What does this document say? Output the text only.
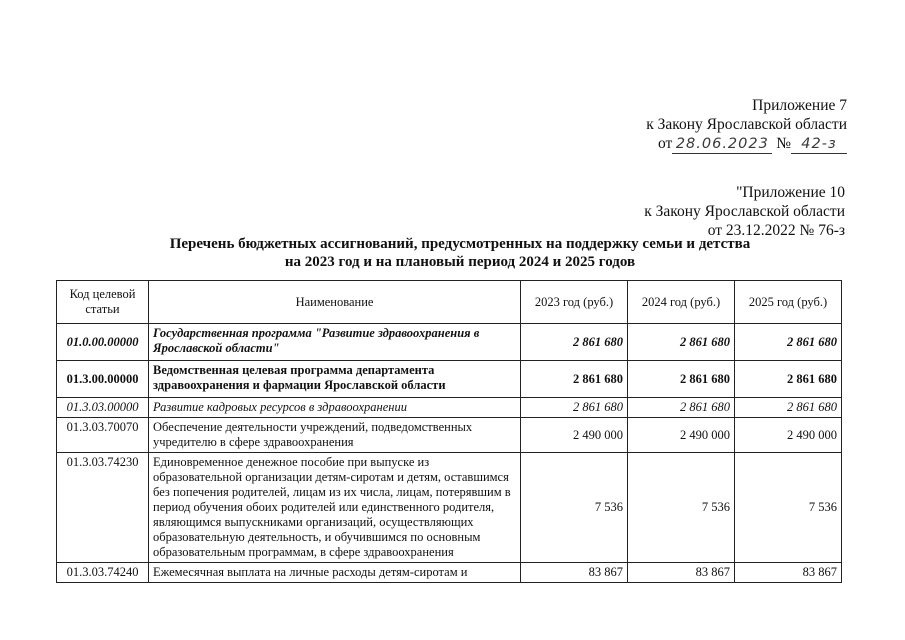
Приложение 7
к Закону Ярославской области
от 28.06.2023 № 42-з
"Приложение 10
к Закону Ярославской области
от 23.12.2022 № 76-з
Перечень бюджетных ассигнований, предусмотренных на поддержку семьи и детства
на 2023 год и на плановый период 2024 и 2025 годов
Код целевой статьи	Наименование	2023 год (руб.)	2024 год (руб.)	2025 год (руб.)
01.0.00.00000	Государственная программа "Развитие здравоохранения в Ярославской области"	2 861 680	2 861 680	2 861 680
01.3.00.00000	Ведомственная целевая программа департамента здравоохранения и фармации Ярославской области	2 861 680	2 861 680	2 861 680
01.3.03.00000	Развитие кадровых ресурсов в здравоохранении	2 861 680	2 861 680	2 861 680
01.3.03.70070	Обеспечение деятельности учреждений, подведомственных учредителю в сфере здравоохранения	2 490 000	2 490 000	2 490 000
01.3.03.74230	Единовременное денежное пособие при выпуске из образовательной организации детям-сиротам и детям, оставшимся без попечения родителей, лицам из их числа, лицам, потерявшим в период обучения обоих родителей или единственного родителя, являющимся выпускниками организаций, осуществляющих образовательную деятельность, и обучившимся по основным образовательным программам, в сфере здравоохранения	7 536	7 536	7 536
01.3.03.74240	Ежемесячная выплата на личные расходы детям-сиротам и	83 867	83 867	83 867
